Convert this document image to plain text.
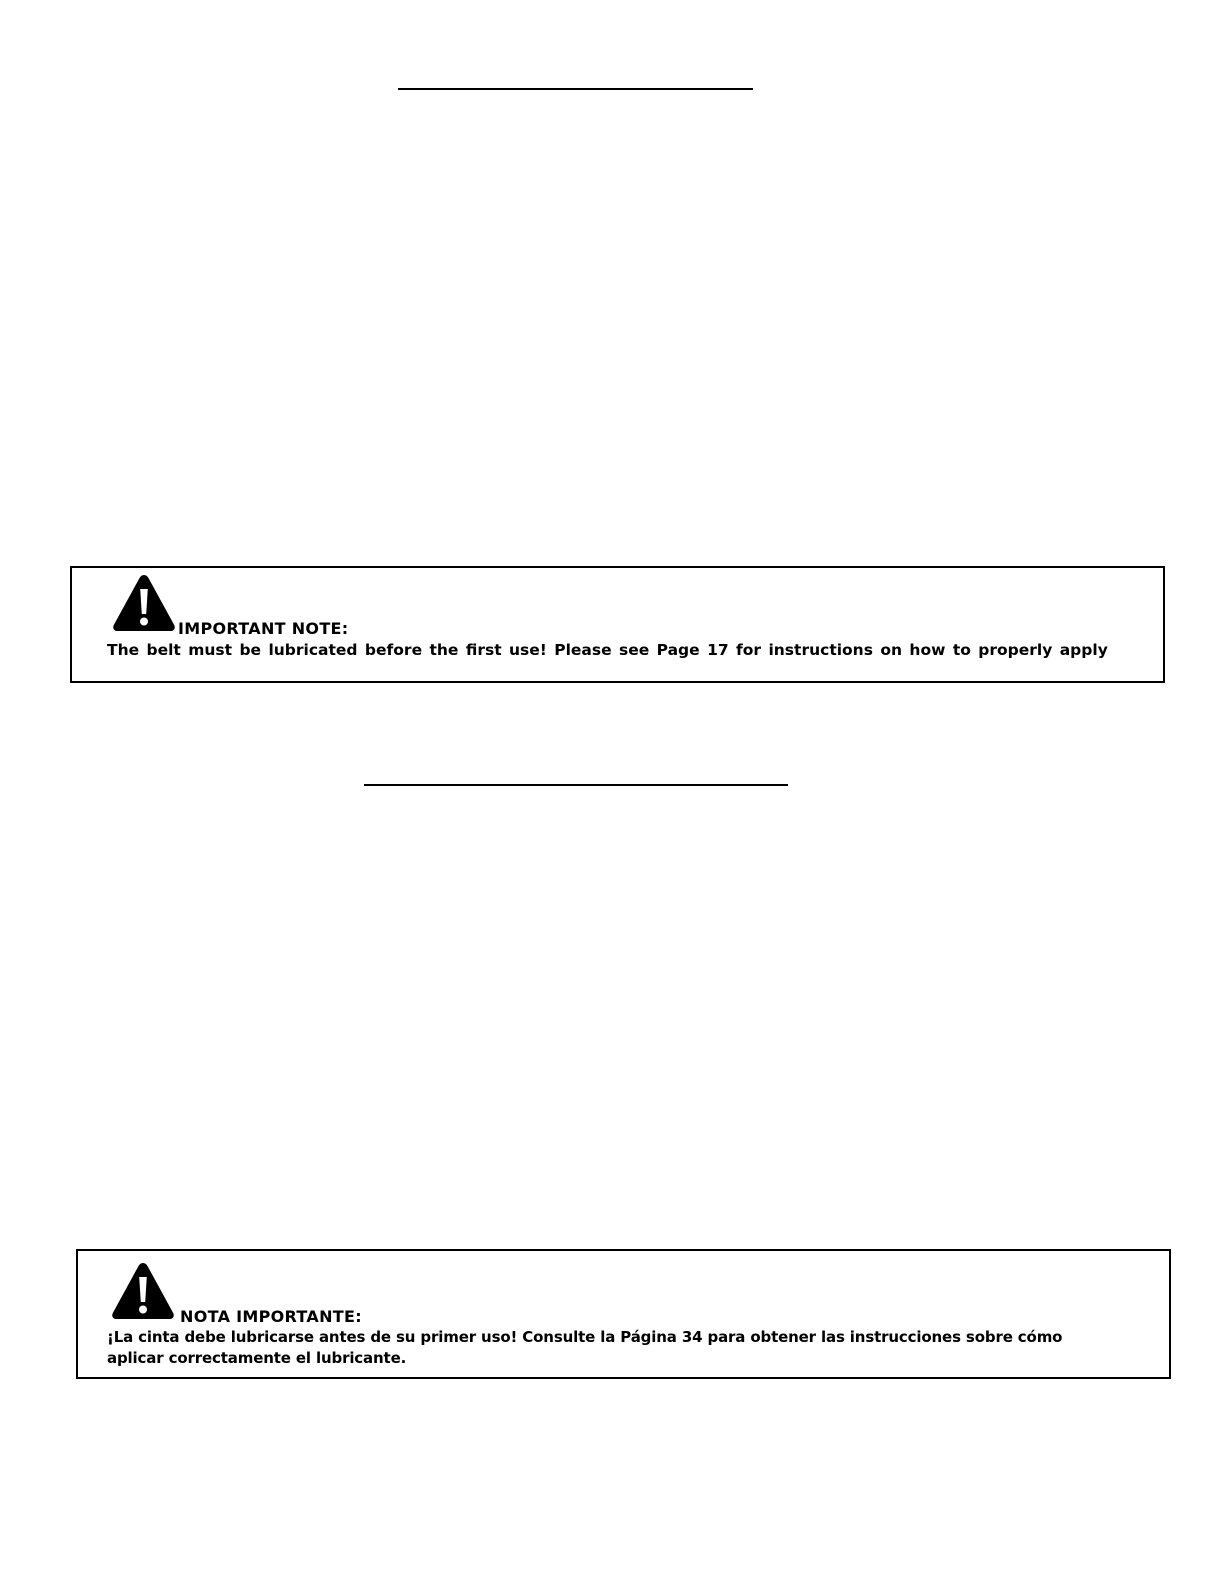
IMPORTANT NOTE:
The belt must be lubricated before the first use! Please see Page 17 for instructions on how to properly apply
NOTA IMPORTANTE:
¡La cinta debe lubricarse antes de su primer uso! Consulte la Página 34 para obtener las instrucciones sobre cómo aplicar correctamente el lubricante.
